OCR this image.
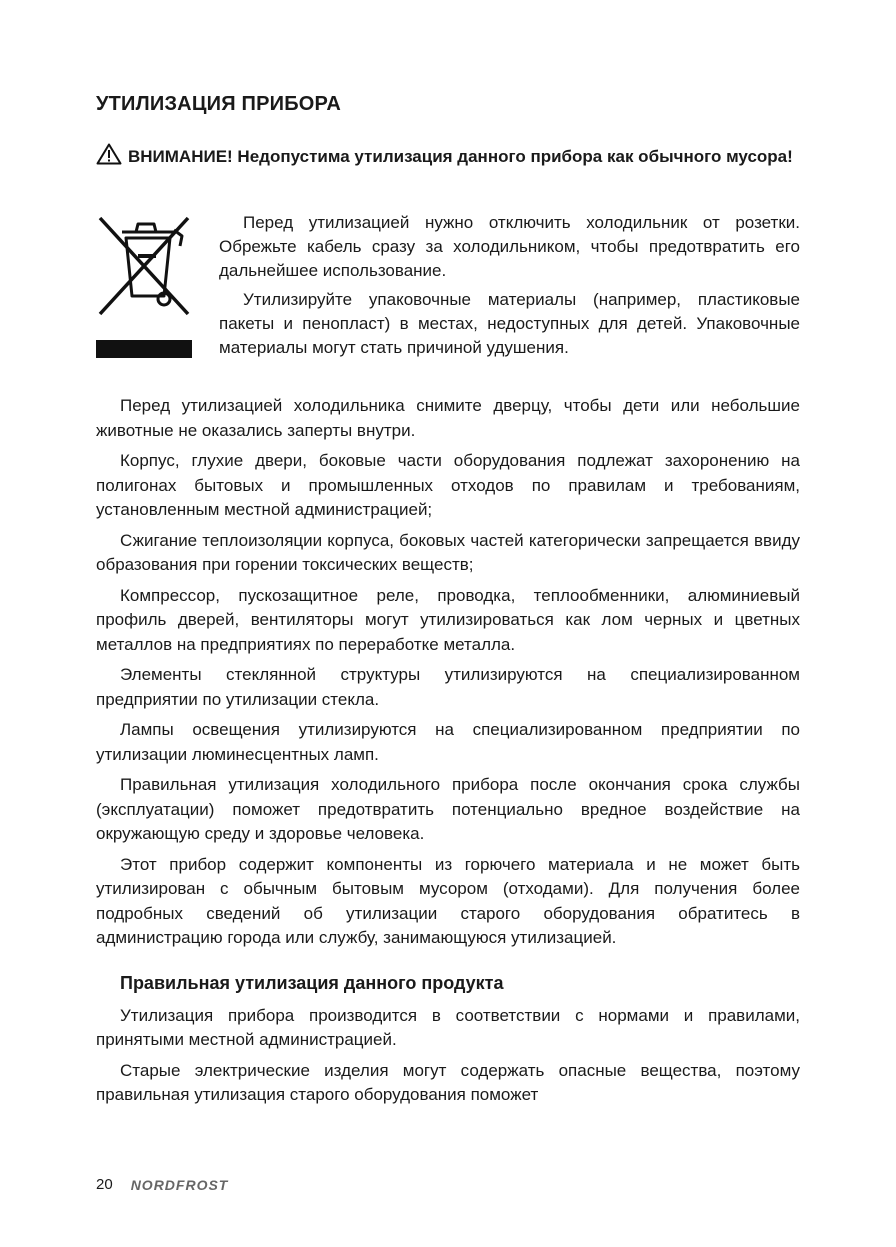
УТИЛИЗАЦИЯ ПРИБОРА
ВНИМАНИЕ! Недопустима утилизация данного прибора как обычного мусора!

Перед утилизацией нужно отключить холодильник от розетки. Обрежьте кабель сразу за холодильником, чтобы предотвратить его дальнейшее использование.

Утилизируйте упаковочные материалы (например, пластиковые пакеты и пенопласт) в местах, недоступных для детей. Упаковочные материалы могут стать причиной удушения.

Перед утилизацией холодильника снимите дверцу, чтобы дети или небольшие животные не оказались заперты внутри.

Корпус, глухие двери, боковые части оборудования подлежат захоронению на полигонах бытовых и промышленных отходов по правилам и требованиям, установленным местной администрацией;

Сжигание теплоизоляции корпуса, боковых частей категорически запрещается ввиду образования при горении токсических веществ;

Компрессор, пускозащитное реле, проводка, теплообменники, алюминиевый профиль дверей, вентиляторы могут утилизироваться как лом черных и цветных металлов на предприятиях по переработке металла.

Элементы стеклянной структуры утилизируются на специализированном предприятии по утилизации стекла.

Лампы освещения утилизируются на специализированном предприятии по утилизации люминесцентных ламп.

Правильная утилизация холодильного прибора после окончания срока службы (эксплуатации) поможет предотвратить потенциально вредное воздействие на окружающую среду и здоровье человека.

Этот прибор содержит компоненты из горючего материала и не может быть утилизирован с обычным бытовым мусором (отходами). Для получения более подробных сведений об утилизации старого оборудования обратитесь в администрацию города или службу, занимающуюся утилизацией.

Правильная утилизация данного продукта

Утилизация прибора производится в соответствии с нормами и правилами, принятыми местной администрацией.

Старые электрические изделия могут содержать опасные вещества, поэтому правильная утилизация старого оборудования поможет

20 NORDFROST
